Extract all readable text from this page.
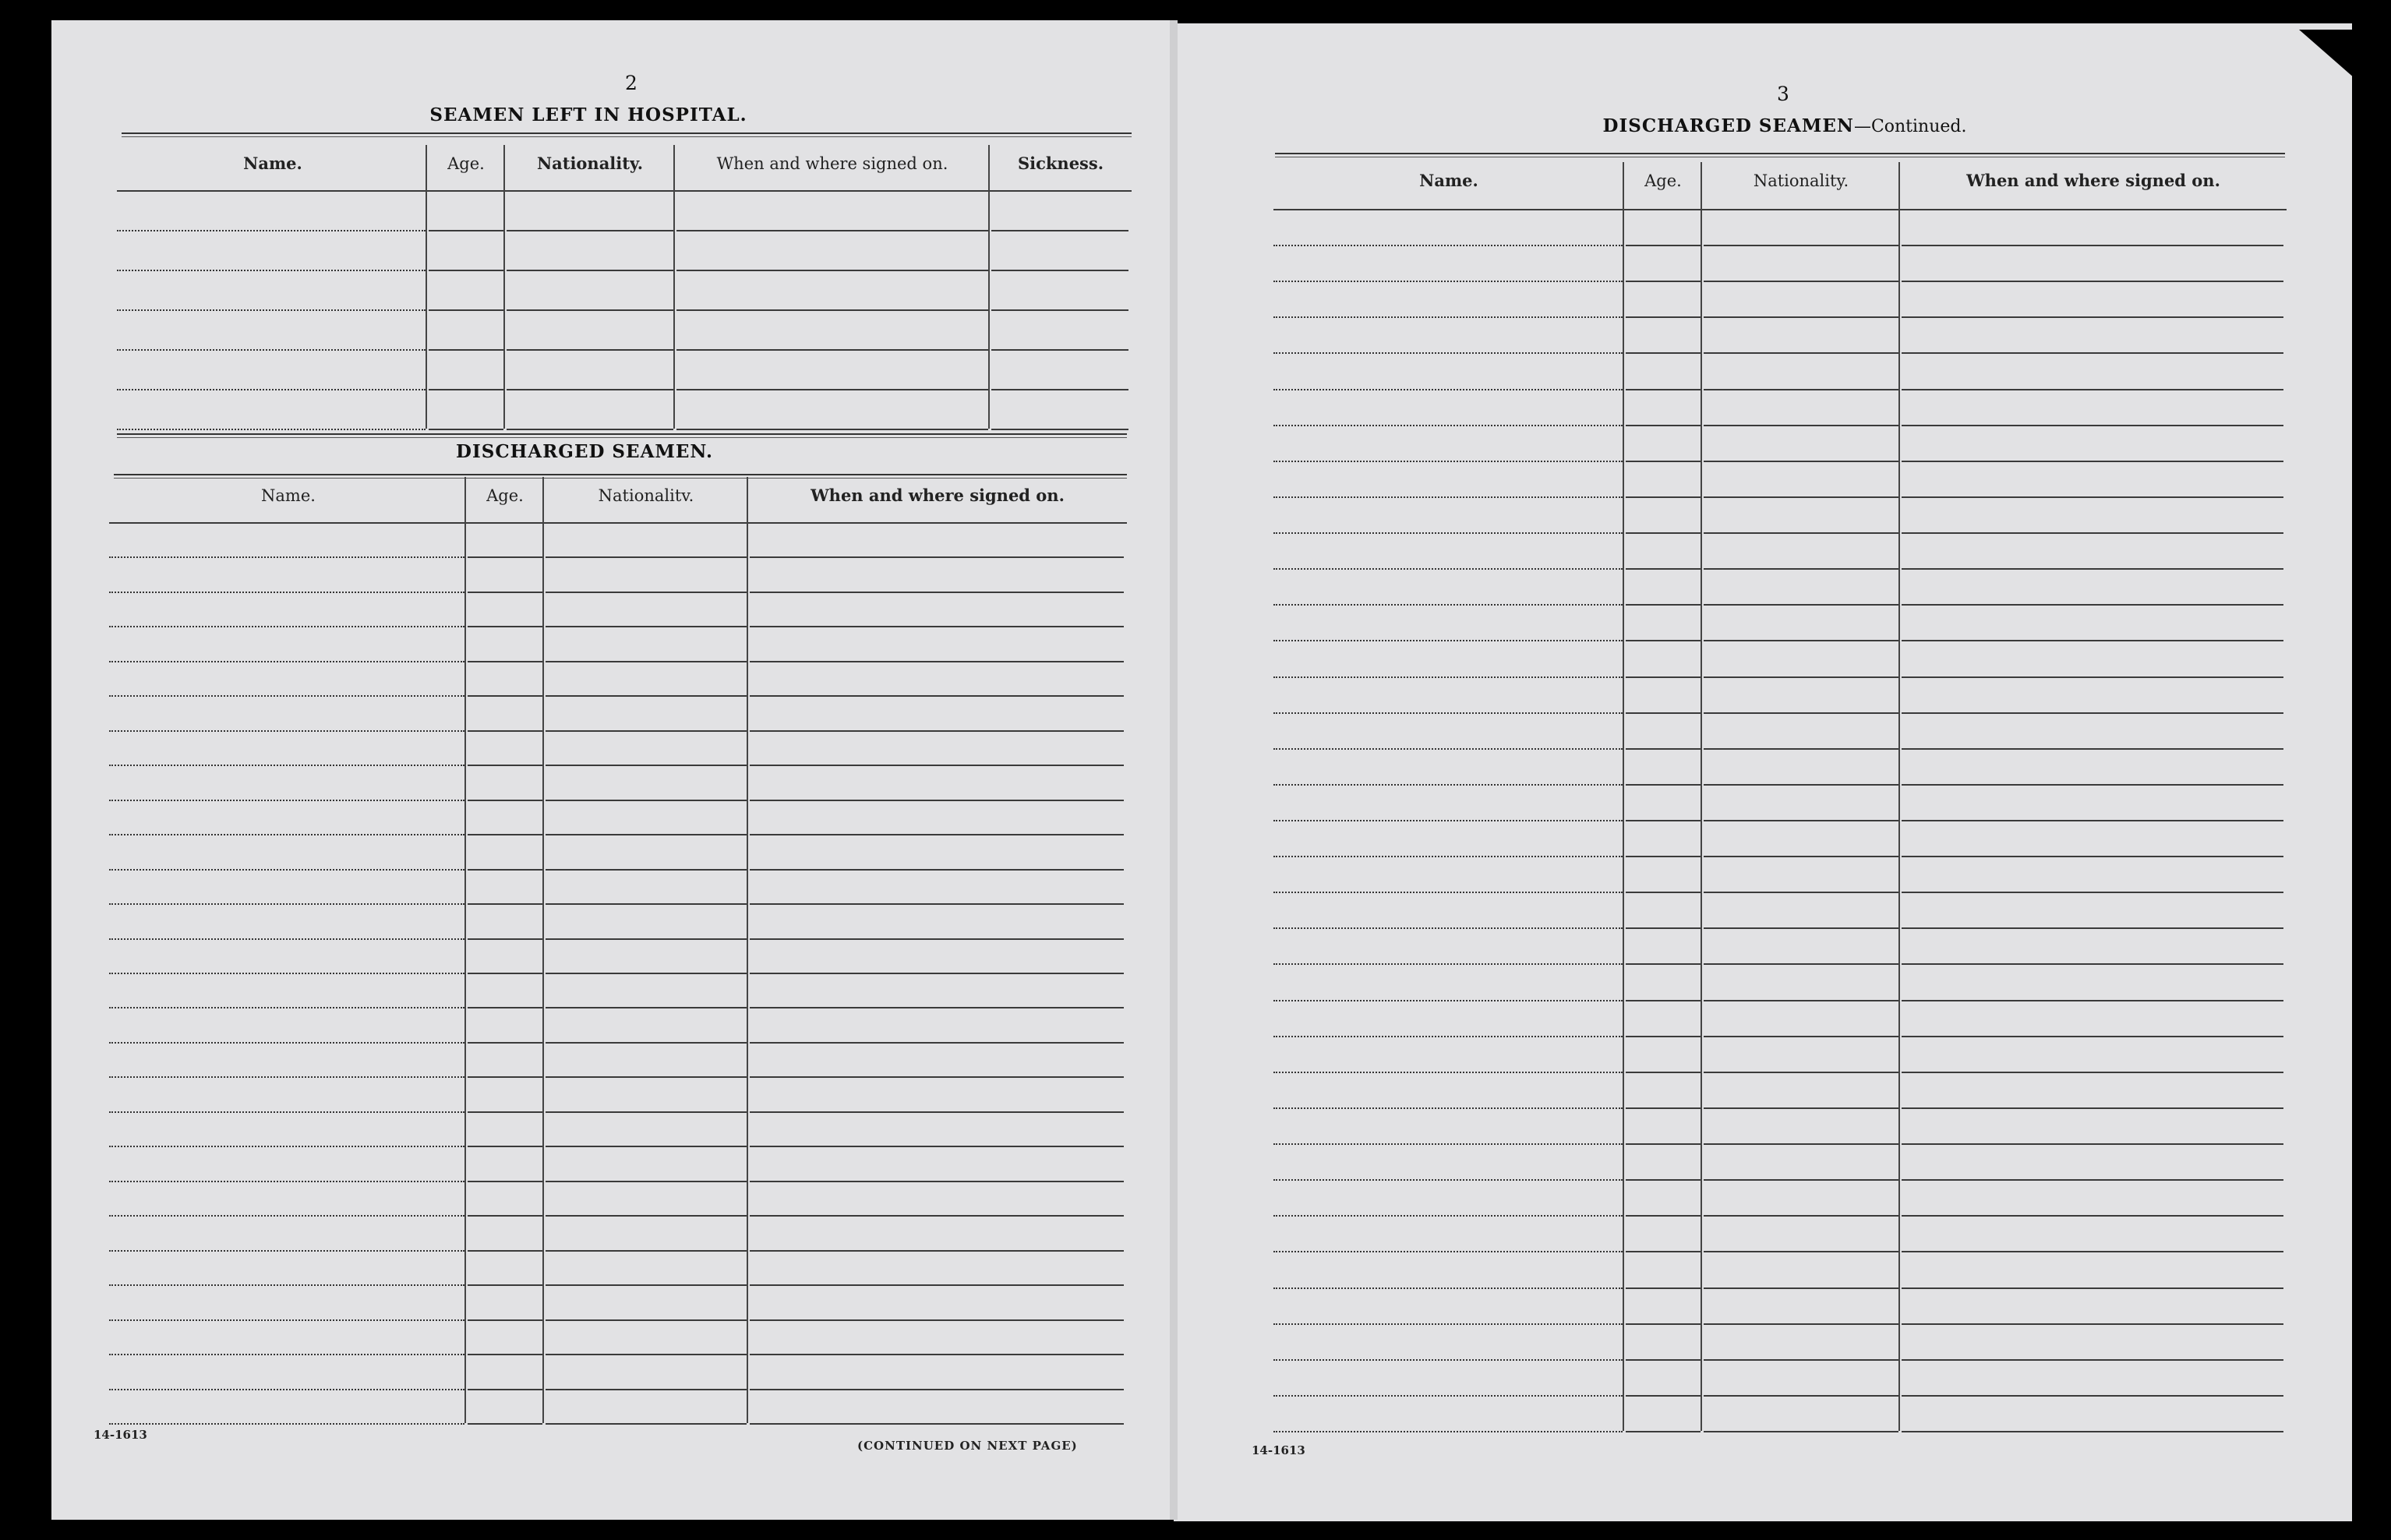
2
SEAMEN LEFT IN HOSPITAL.
Name.	Age.	Nationality.	When and where signed on.	Sickness.
DISCHARGED SEAMEN.
Name.	Age.	Nationalitv.	When and where signed on.
14-1613
(CONTINUED ON NEXT PAGE)
3
DISCHARGED SEAMEN—Continued.
Name.	Age.	Nationality.	When and where signed on.
14-1613
